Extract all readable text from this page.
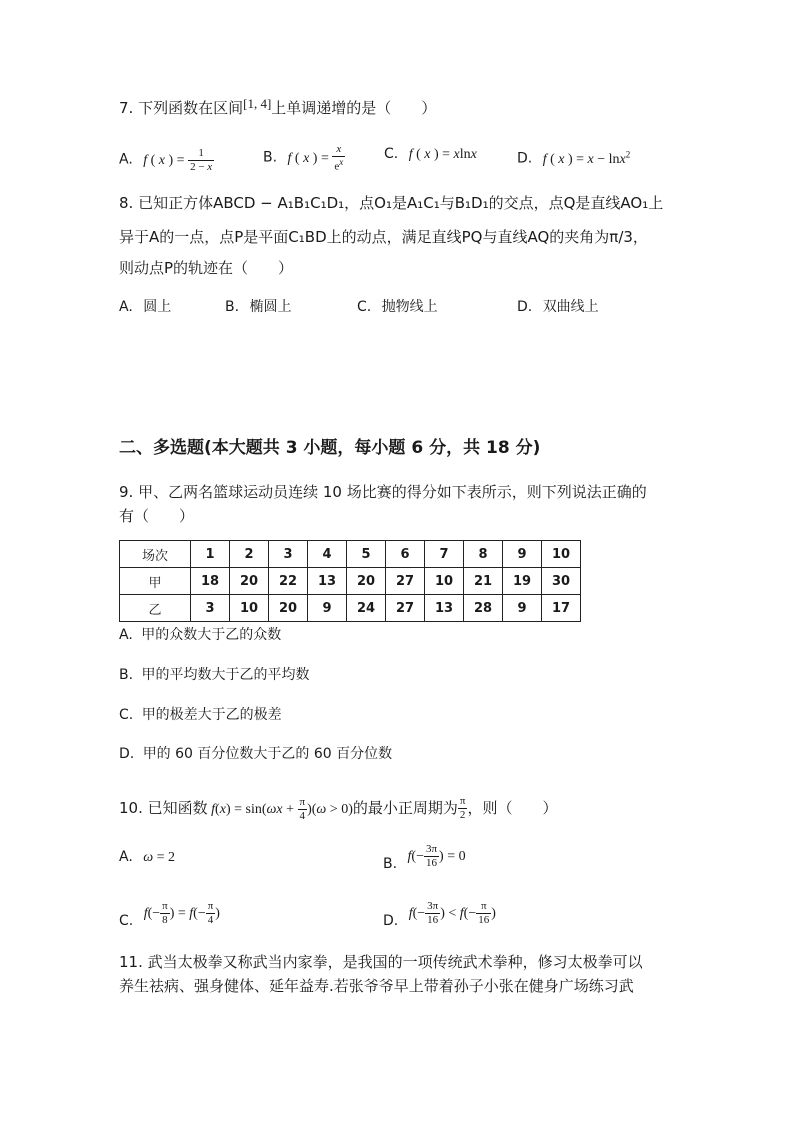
7. 下列函数在区间[1, 4]上单调递增的是（　　 ）
A. f ( x ) = $\frac{1}{2 - x}$	B. f ( x ) = $\frac{x}{e^x}$	C. f ( x ) = xlnx	D. f ( x ) = x − lnx$^2$
8. 已知正方体ABCD − A₁B₁C₁D₁，点O₁是A₁C₁与B₁D₁的交点，点Q是直线AO₁上
异于A的一点，点P是平面C₁BD上的动点，满足直线PQ与直线AQ的夹角为π/3，
则动点P的轨迹在（　　）
A. 圆上	B. 椭圆上	C. 抛物线上	D. 双曲线上
二、多选题(本大题共 3 小题，每小题 6 分，共 18 分)
9. 甲、乙两名篮球运动员连续 10 场比赛的得分如下表所示，则下列说法正确的
有（　　）
场次	1	2	3	4	5	6	7	8	9	10
甲	18	20	22	13	20	27	10	21	19	30
乙	3	10	20	9	24	27	13	28	9	17
A. 甲的众数大于乙的众数
B. 甲的平均数大于乙的平均数
C. 甲的极差大于乙的极差
D. 甲的 60 百分位数大于乙的 60 百分位数
10. 已知函数 $f(x) = \sin(\omega x + \frac{\pi}{4} )(\omega > 0)$的最小正周期为 $\frac{\pi}{2}$ ，则（　　）
A. ω = 2	B. $f(- \frac{3\pi}{16}$ ) = 0
C. $f(- \frac{\pi}{8}$ ) = $f(- \frac{\pi}{4}$ )	D. $f(- \frac{3\pi}{16}$ ) < $f(- \frac{\pi}{16}$ )
11. 武当太极拳又称武当内家拳，是我国的一项传统武术拳种，修习太极拳可以
养生祛病、强身健体、延年益寿.若张爷爷早上带着孙子小张在健身广场练习武
